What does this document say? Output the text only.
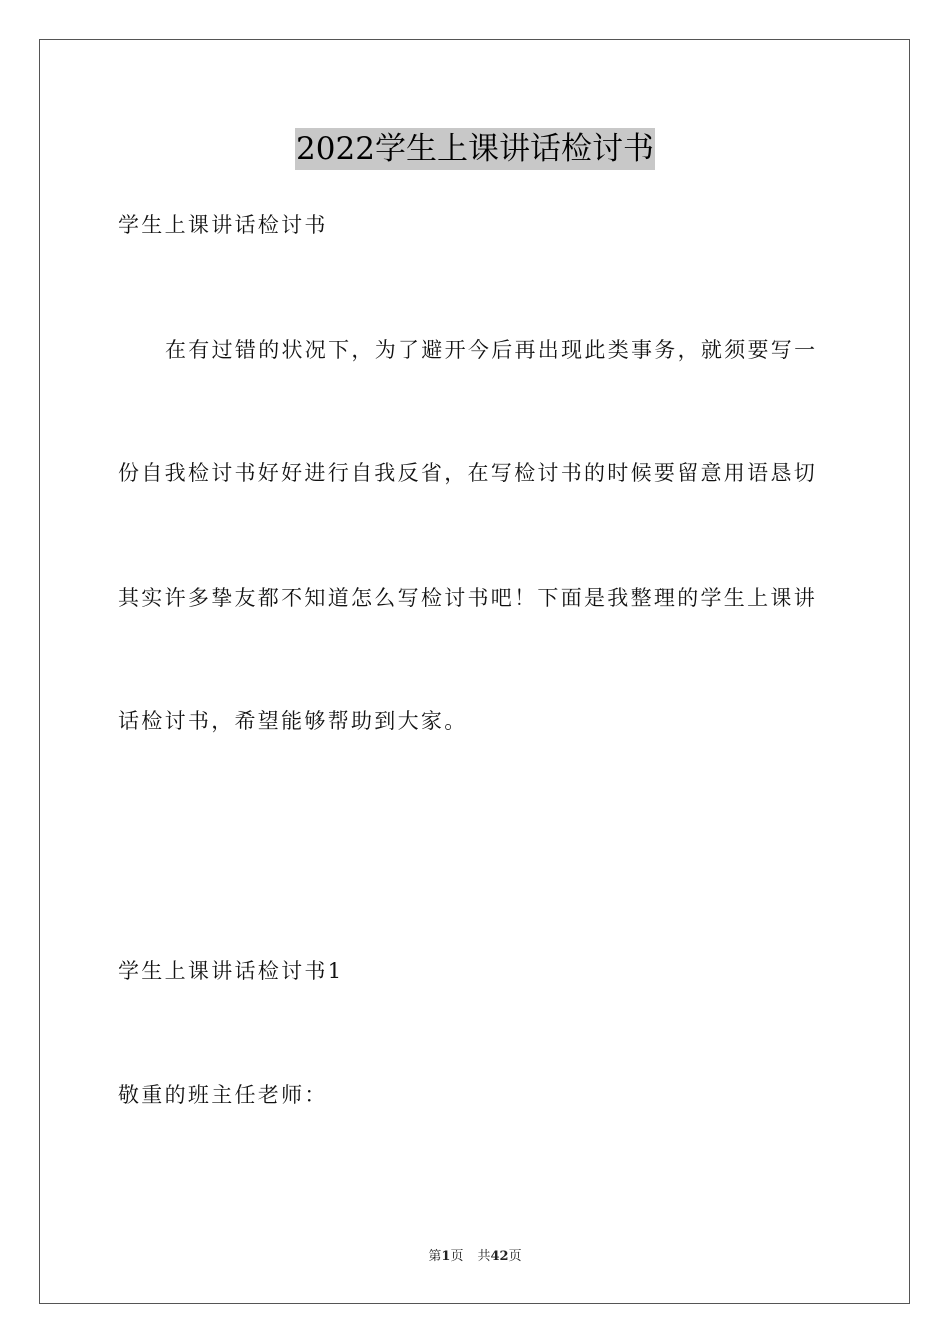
2022学生上课讲话检讨书
学生上课讲话检讨书
在有过错的状况下，为了避开今后再出现此类事务，就须要写一
份自我检讨书好好进行自我反省，在写检讨书的时候要留意用语恳切
其实许多挚友都不知道怎么写检讨书吧！下面是我整理的学生上课讲
话检讨书，希望能够帮助到大家。
学生上课讲话检讨书1
敬重的班主任老师：
第1页 共42页
